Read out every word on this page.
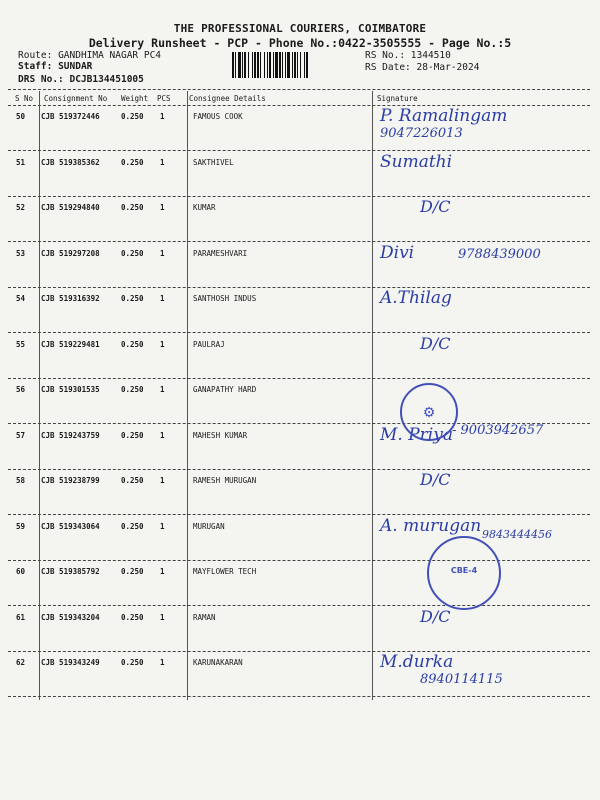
THE PROFESSIONAL COURIERS, COIMBATORE
Delivery Runsheet - PCP - Phone No.:0422-3505555 - Page No.:5
Route: GANDHIMA NAGAR PC4
Staff: SUNDAR
DRS No.: DCJB134451005
RS No.: 1344510
RS Date: 28-Mar-2024
S No Consignment No Weight PCS Consignee Details	Signature
50 CJB 519372446	0.250 1	FAMOUS COOK	P. Ramalingam
9047226013
51 CJB 519385362	0.250 1	SAKTHIVEL	Sumathi
52 CJB 519294840	0.250 1	KUMAR	D/C
53 CJB 519297208	0.250 1	PARAMESHVARI	Divi	9788439000
54 CJB 519316392	0.250 1	SANTHOSH INDUS	A.Thilag
55 CJB 519229481	0.250 1	PAULRAJ	D/C
56 CJB 519301535	0.250 1	GANAPATHY HARD
57 CJB 519243759	0.250 1	MAHESH KUMAR	M. Priya - 9003942657
58 CJB 519238799	0.250 1	RAMESH MURUGAN	D/C
59 CJB 519343064	0.250 1	MURUGAN	A. murugan 9843444456
60 CJB 519385792	0.250 1	MAYFLOWER TECH
61 CJB 519343204	0.250 1	RAMAN	D/C
62 CJB 519343249	0.250 1	KARUNAKARAN	M.durka
8940114115
⚙
CBE-4
